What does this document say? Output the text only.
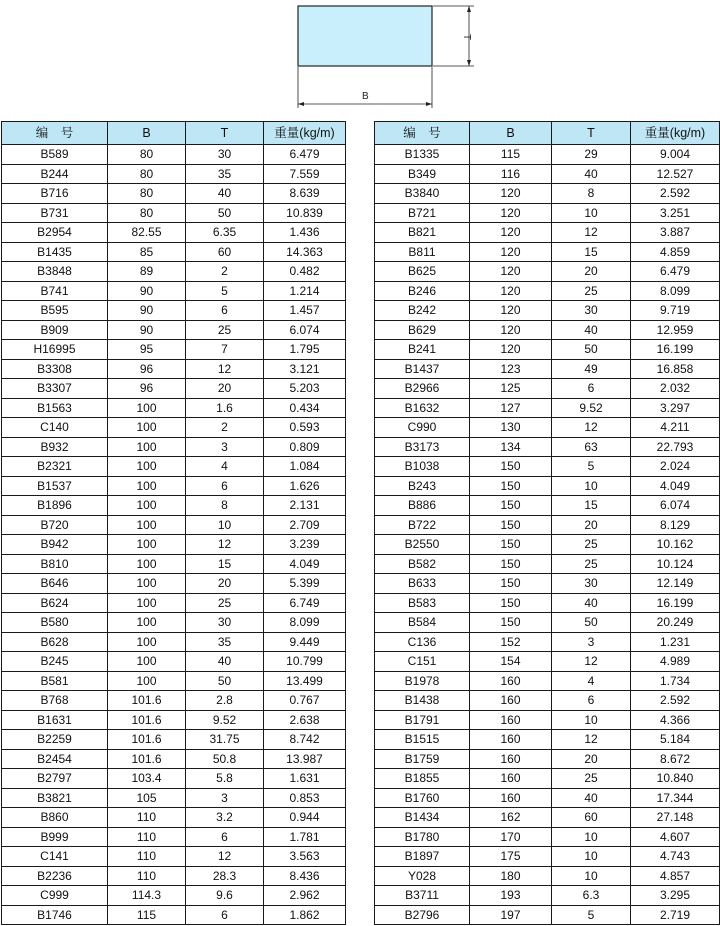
B
T
编　号	B	T	重量(kg/m)
B589	80	30	6.479
B244	80	35	7.559
B716	80	40	8.639
B731	80	50	10.839
B2954	82.55	6.35	1.436
B1435	85	60	14.363
B3848	89	2	0.482
B741	90	5	1.214
B595	90	6	1.457
B909	90	25	6.074
H16995	95	7	1.795
B3308	96	12	3.121
B3307	96	20	5.203
B1563	100	1.6	0.434
C140	100	2	0.593
B932	100	3	0.809
B2321	100	4	1.084
B1537	100	6	1.626
B1896	100	8	2.131
B720	100	10	2.709
B942	100	12	3.239
B810	100	15	4.049
B646	100	20	5.399
B624	100	25	6.749
B580	100	30	8.099
B628	100	35	9.449
B245	100	40	10.799
B581	100	50	13.499
B768	101.6	2.8	0.767
B1631	101.6	9.52	2.638
B2259	101.6	31.75	8.742
B2454	101.6	50.8	13.987
B2797	103.4	5.8	1.631
B3821	105	3	0.853
B860	110	3.2	0.944
B999	110	6	1.781
C141	110	12	3.563
B2236	110	28.3	8.436
C999	114.3	9.6	2.962
B1746	115	6	1.862
编　号	B	T	重量(kg/m)
B1335	115	29	9.004
B349	116	40	12.527
B3840	120	8	2.592
B721	120	10	3.251
B821	120	12	3.887
B811	120	15	4.859
B625	120	20	6.479
B246	120	25	8.099
B242	120	30	9.719
B629	120	40	12.959
B241	120	50	16.199
B1437	123	49	16.858
B2966	125	6	2.032
B1632	127	9.52	3.297
C990	130	12	4.211
B3173	134	63	22.793
B1038	150	5	2.024
B243	150	10	4.049
B886	150	15	6.074
B722	150	20	8.129
B2550	150	25	10.162
B582	150	25	10.124
B633	150	30	12.149
B583	150	40	16.199
B584	150	50	20.249
C136	152	3	1.231
C151	154	12	4.989
B1978	160	4	1.734
B1438	160	6	2.592
B1791	160	10	4.366
B1515	160	12	5.184
B1759	160	20	8.672
B1855	160	25	10.840
B1760	160	40	17.344
B1434	162	60	27.148
B1780	170	10	4.607
B1897	175	10	4.743
Y028	180	10	4.857
B3711	193	6.3	3.295
B2796	197	5	2.719
